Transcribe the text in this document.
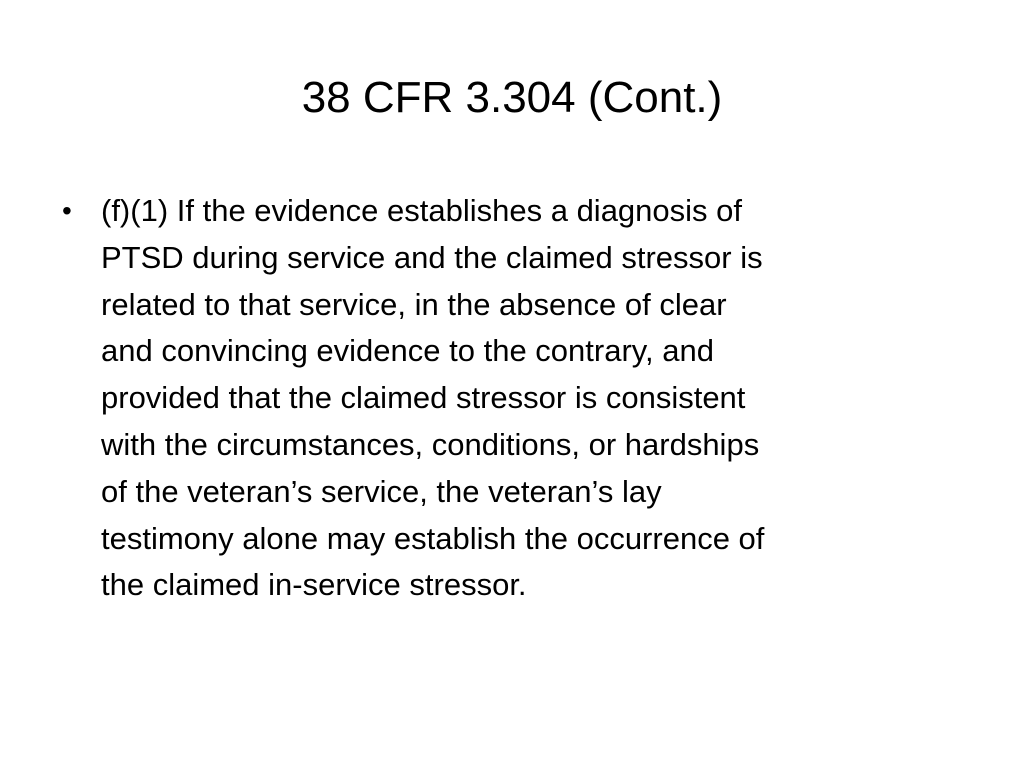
38 CFR 3.304 (Cont.)
• (f)(1) If the evidence establishes a diagnosis of
PTSD during service and the claimed stressor is
related to that service, in the absence of clear
and convincing evidence to the contrary, and
provided that the claimed stressor is consistent
with the circumstances, conditions, or hardships
of the veteran’s service, the veteran’s lay
testimony alone may establish the occurrence of
the claimed in-service stressor.
